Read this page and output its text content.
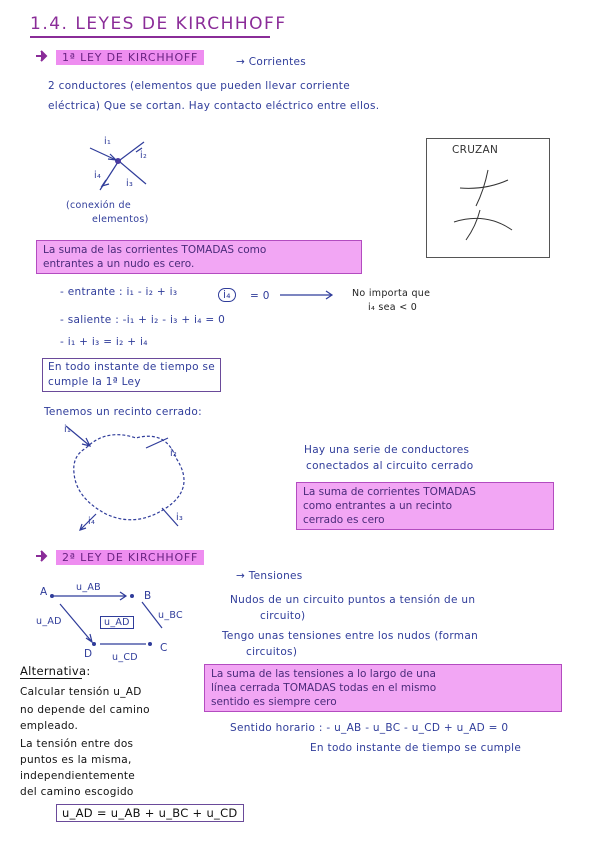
1.4. LEYES DE KIRCHHOFF
1ª LEY DE KIRCHHOFF	→ Corrientes
2 conductores (elementos que pueden llevar corriente
eléctrica) Que se cortan. Hay contacto eléctrico entre ellos.
i₁
i₂
i₄
i₃
(conexión de
elementos)
CRUZAN
La suma de las corrientes TOMADAS como
entrantes a un nudo es cero.
- entrante : i₁ - i₂ + i₃	i₄	= 0	No importa que
i₄ sea < 0
- saliente : -i₁ + i₂ - i₃ + i₄ = 0
- i₁ + i₃ = i₂ + i₄
En todo instante de tiempo se
cumple la 1ª Ley
Tenemos un recinto cerrado:
i₁
i₂
i₄	i₃
Hay una serie de conductores
conectados al circuito cerrado
La suma de corrientes TOMADAS
como entrantes a un recinto
cerrado es cero
2ª LEY DE KIRCHHOFF
→ Tensiones
A	B
C
D
u_AB
u_AD	u_AD
u_BC
u_CD
Nudos de un circuito puntos a tensión de un
circuito)
Tengo unas tensiones entre los nudos (forman
circuitos)
Alternativa:
Calcular tensión u_AD
no depende del camino
empleado.
La tensión entre dos
puntos es la misma,
independientemente
del camino escogido
La suma de las tensiones a lo largo de una
línea cerrada TOMADAS todas en el mismo
sentido es siempre cero
Sentido horario : - u_AB - u_BC - u_CD + u_AD = 0
En todo instante de tiempo se cumple
u_AD = u_AB + u_BC + u_CD
